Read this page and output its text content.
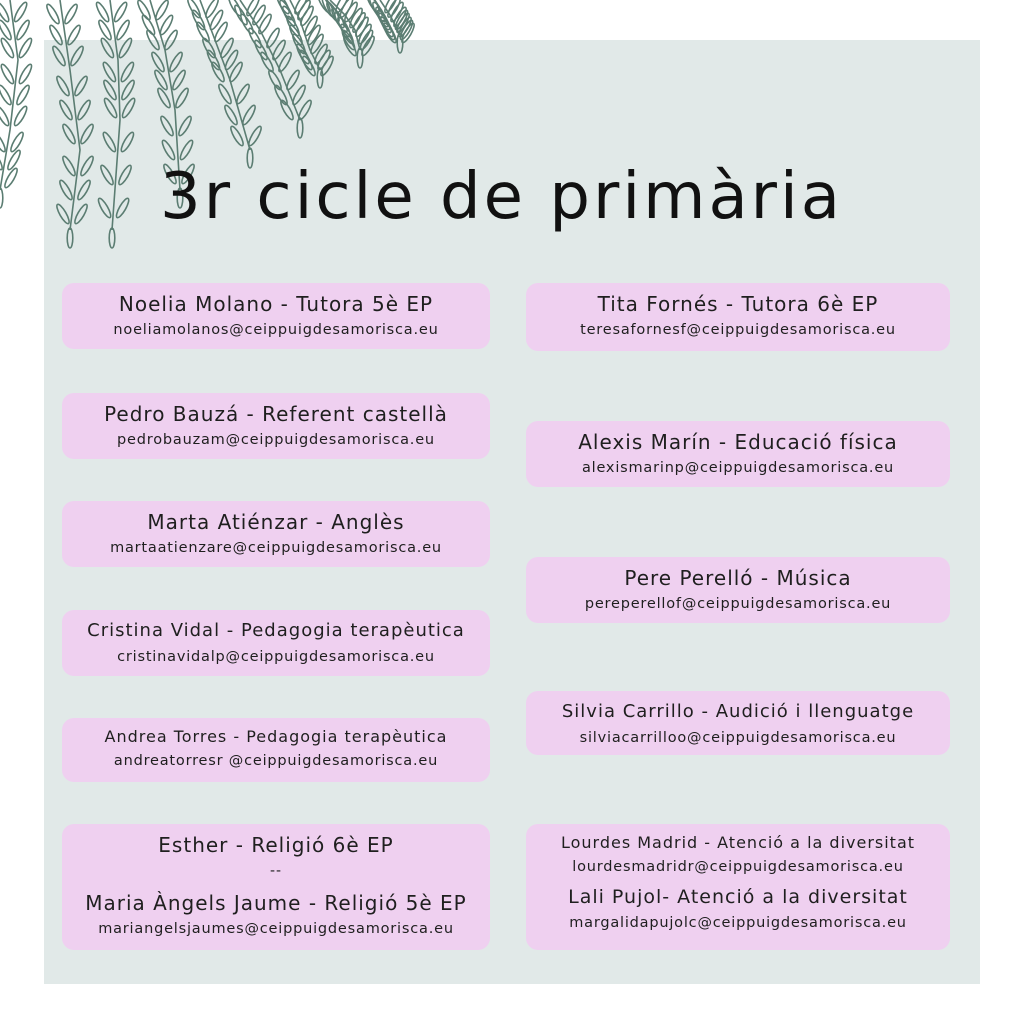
3r cicle de primària
Noelia Molano - Tutora 5è EP
noeliamolanos@ceippuigdesamorisca.eu
Pedro Bauzá - Referent castellà
pedrobauzam@ceippuigdesamorisca.eu
Marta Atiénzar - Anglès
martaatienzare@ceippuigdesamorisca.eu
Cristina Vidal - Pedagogia terapèutica
cristinavidalp@ceippuigdesamorisca.eu
Andrea Torres - Pedagogia terapèutica
andreatorresr @ceippuigdesamorisca.eu
Esther - Religió 6è EP
--
Maria Àngels Jaume - Religió 5è EP
mariangelsjaumes@ceippuigdesamorisca.eu
Tita Fornés - Tutora 6è EP
teresafornesf@ceippuigdesamorisca.eu
Alexis Marín - Educació física
alexismarinp@ceippuigdesamorisca.eu
Pere Perelló - Música
pereperellof@ceippuigdesamorisca.eu
Silvia Carrillo - Audició i llenguatge
silviacarrilloo@ceippuigdesamorisca.eu
Lourdes Madrid - Atenció a la diversitat
lourdesmadridr@ceippuigdesamorisca.eu
Lali Pujol- Atenció a la diversitat
margalidapujolc@ceippuigdesamorisca.eu
